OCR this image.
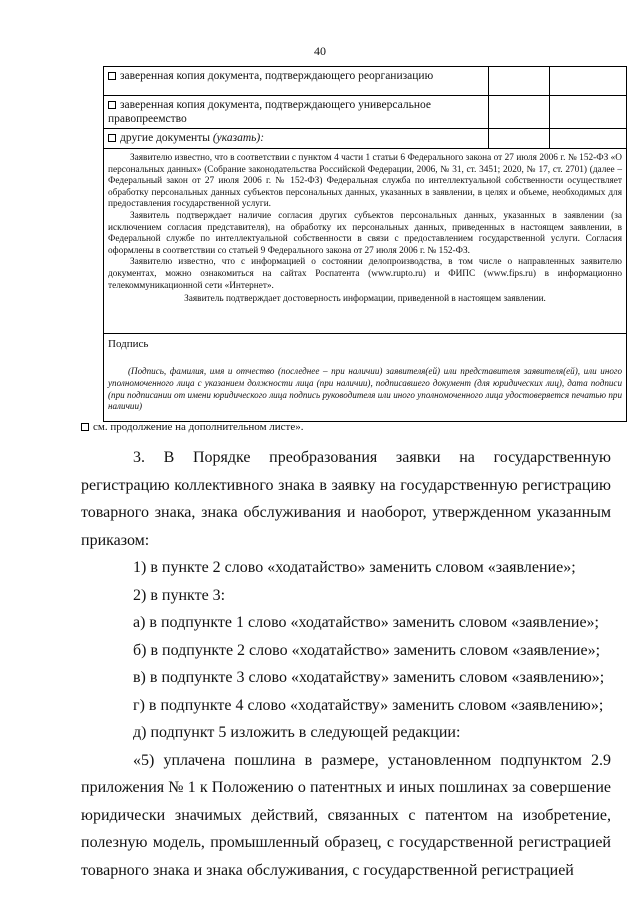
40
заверенная копия документа, подтверждающего реорганизацию
заверенная копия документа, подтверждающего универсальное правопреемство
другие документы (указать):

Заявителю известно, что в соответствии с пунктом 4 части 1 статьи 6 Федерального закона от 27 июля 2006 г. № 152-ФЗ «О персональных данных» (Собрание законодательства Российской Федерации, 2006, № 31, ст. 3451; 2020, № 17, ст. 2701) (далее – Федеральный закон от 27 июля 2006 г. № 152-ФЗ) Федеральная служба по интеллектуальной собственности осуществляет обработку персональных данных субъектов персональных данных, указанных в заявлении, в целях и объеме, необходимых для предоставления государственной услуги.

Заявитель подтверждает наличие согласия других субъектов персональных данных, указанных в заявлении (за исключением согласия представителя), на обработку их персональных данных, приведенных в настоящем заявлении, в Федеральной службе по интеллектуальной собственности в связи с предоставлением государственной услуги. Согласия оформлены в соответствии со статьей 9 Федерального закона от 27 июля 2006 г. № 152-ФЗ.

Заявителю известно, что с информацией о состоянии делопроизводства, в том числе о направленных заявителю документах, можно ознакомиться на сайтах Роспатента (www.rupto.ru) и ФИПС (www.fips.ru) в информационно телекоммуникационной сети «Интернет».

Заявитель подтверждает достоверность информации, приведенной в настоящем заявлении.

Подпись
(Подпись, фамилия, имя и отчество (последнее – при наличии) заявителя(ей) или представителя заявителя(ей), или иного уполномоченного лица с указанием должности лица (при наличии), подписавшего документ (для юридических лиц), дата подписи (при подписании от имени юридического лица подпись руководителя или иного уполномоченного лица удостоверяется печатью при наличии)
см. продолжение на дополнительном листе».

3. В Порядке преобразования заявки на государственную регистрацию коллективного знака в заявку на государственную регистрацию товарного знака, знака обслуживания и наоборот, утвержденном указанным приказом:

1) в пункте 2 слово «ходатайство» заменить словом «заявление»;

2) в пункте 3:

а) в подпункте 1 слово «ходатайство» заменить словом «заявление»;

б) в подпункте 2 слово «ходатайство» заменить словом «заявление»;

в) в подпункте 3 слово «ходатайству» заменить словом «заявлению»;

г) в подпункте 4 слово «ходатайству» заменить словом «заявлению»;

д) подпункт 5 изложить в следующей редакции:

«5) уплачена пошлина в размере, установленном подпунктом 2.9 приложения № 1 к Положению о патентных и иных пошлинах за совершение юридически значимых действий, связанных с патентом на изобретение, полезную модель, промышленный образец, с государственной регистрацией товарного знака и знака обслуживания, с государственной регистрацией
